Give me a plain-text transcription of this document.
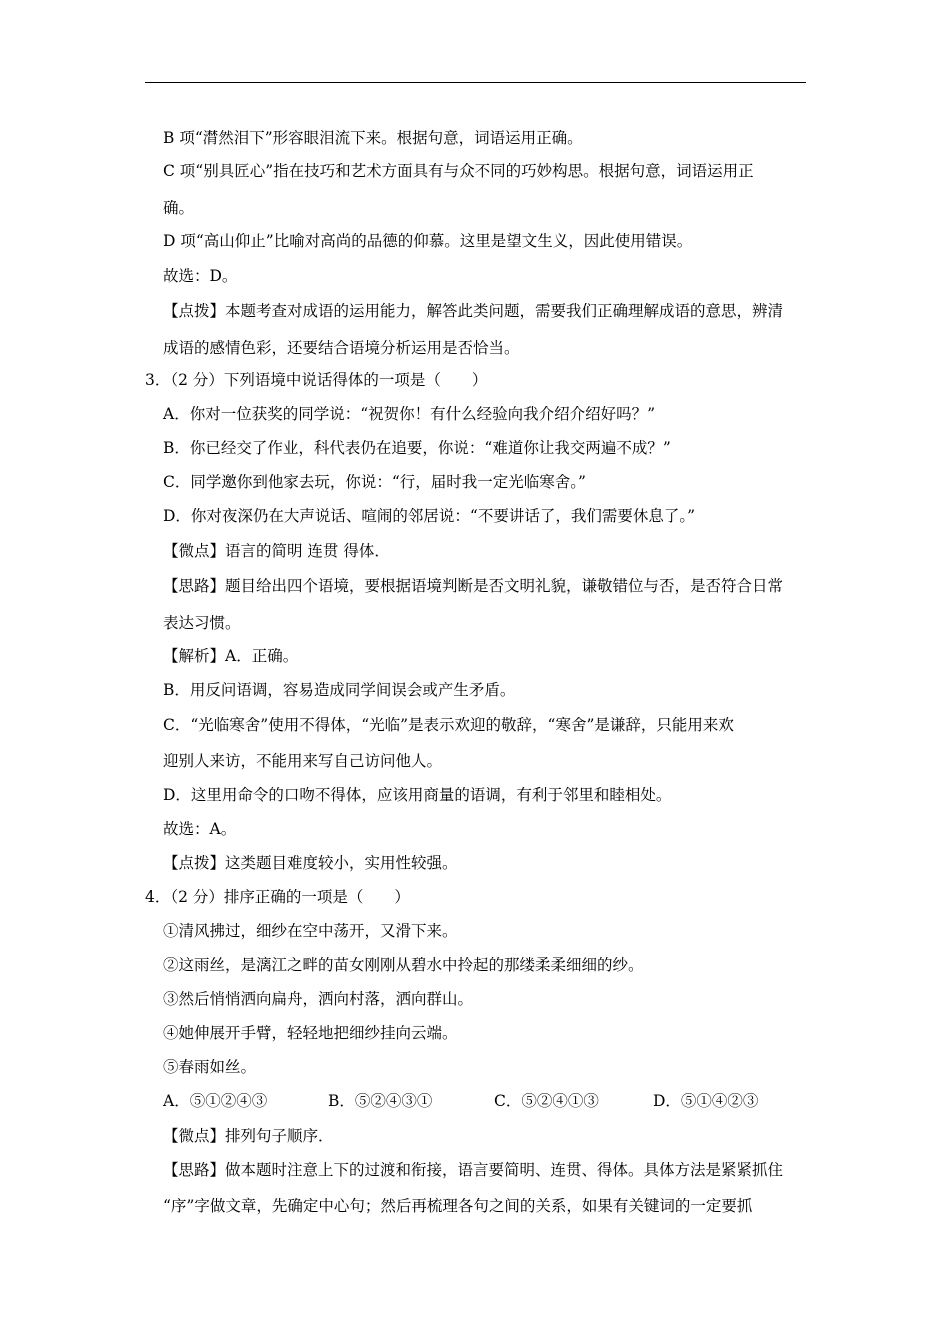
B 项“潸然泪下”形容眼泪流下来。根据句意，词语运用正确。
C 项“别具匠心”指在技巧和艺术方面具有与众不同的巧妙构思。根据句意，词语运用正
确。
D 项“高山仰止”比喻对高尚的品德的仰慕。这里是望文生义，因此使用错误。
故选：D。
【点拨】本题考查对成语的运用能力，解答此类问题，需要我们正确理解成语的意思，辨清
成语的感情色彩，还要结合语境分析运用是否恰当。
3．（2 分）下列语境中说话得体的一项是（　　）
A．你对一位获奖的同学说：“祝贺你！有什么经验向我介绍介绍好吗？”
B．你已经交了作业，科代表仍在追要，你说：“难道你让我交两遍不成？”
C．同学邀你到他家去玩，你说：“行，届时我一定光临寒舍。”
D．你对夜深仍在大声说话、喧闹的邻居说：“不要讲话了，我们需要休息了。”
【微点】语言的简明 连贯 得体．
【思路】题目给出四个语境，要根据语境判断是否文明礼貌，谦敬错位与否，是否符合日常
表达习惯。
【解析】A．正确。
B．用反问语调，容易造成同学间误会或产生矛盾。
C．“光临寒舍”使用不得体，“光临”是表示欢迎的敬辞，“寒舍”是谦辞，只能用来欢
迎别人来访，不能用来写自己访问他人。
D．这里用命令的口吻不得体，应该用商量的语调，有利于邻里和睦相处。
故选：A。
【点拨】这类题目难度较小，实用性较强。
4．（2 分）排序正确的一项是（　　）
①清风拂过，细纱在空中荡开，又滑下来。
②这雨丝，是漓江之畔的苗女刚刚从碧水中拎起的那缕柔柔细细的纱。
③然后悄悄洒向扁舟，洒向村落，洒向群山。
④她伸展开手臂，轻轻地把细纱挂向云端。
⑤春雨如丝。
A．⑤①②④③	B．⑤②④③①	C．⑤②④①③	D．⑤①④②③
【微点】排列句子顺序．
【思路】做本题时注意上下的过渡和衔接，语言要简明、连贯、得体。具体方法是紧紧抓住
“序”字做文章，先确定中心句；然后再梳理各句之间的关系，如果有关键词的一定要抓
